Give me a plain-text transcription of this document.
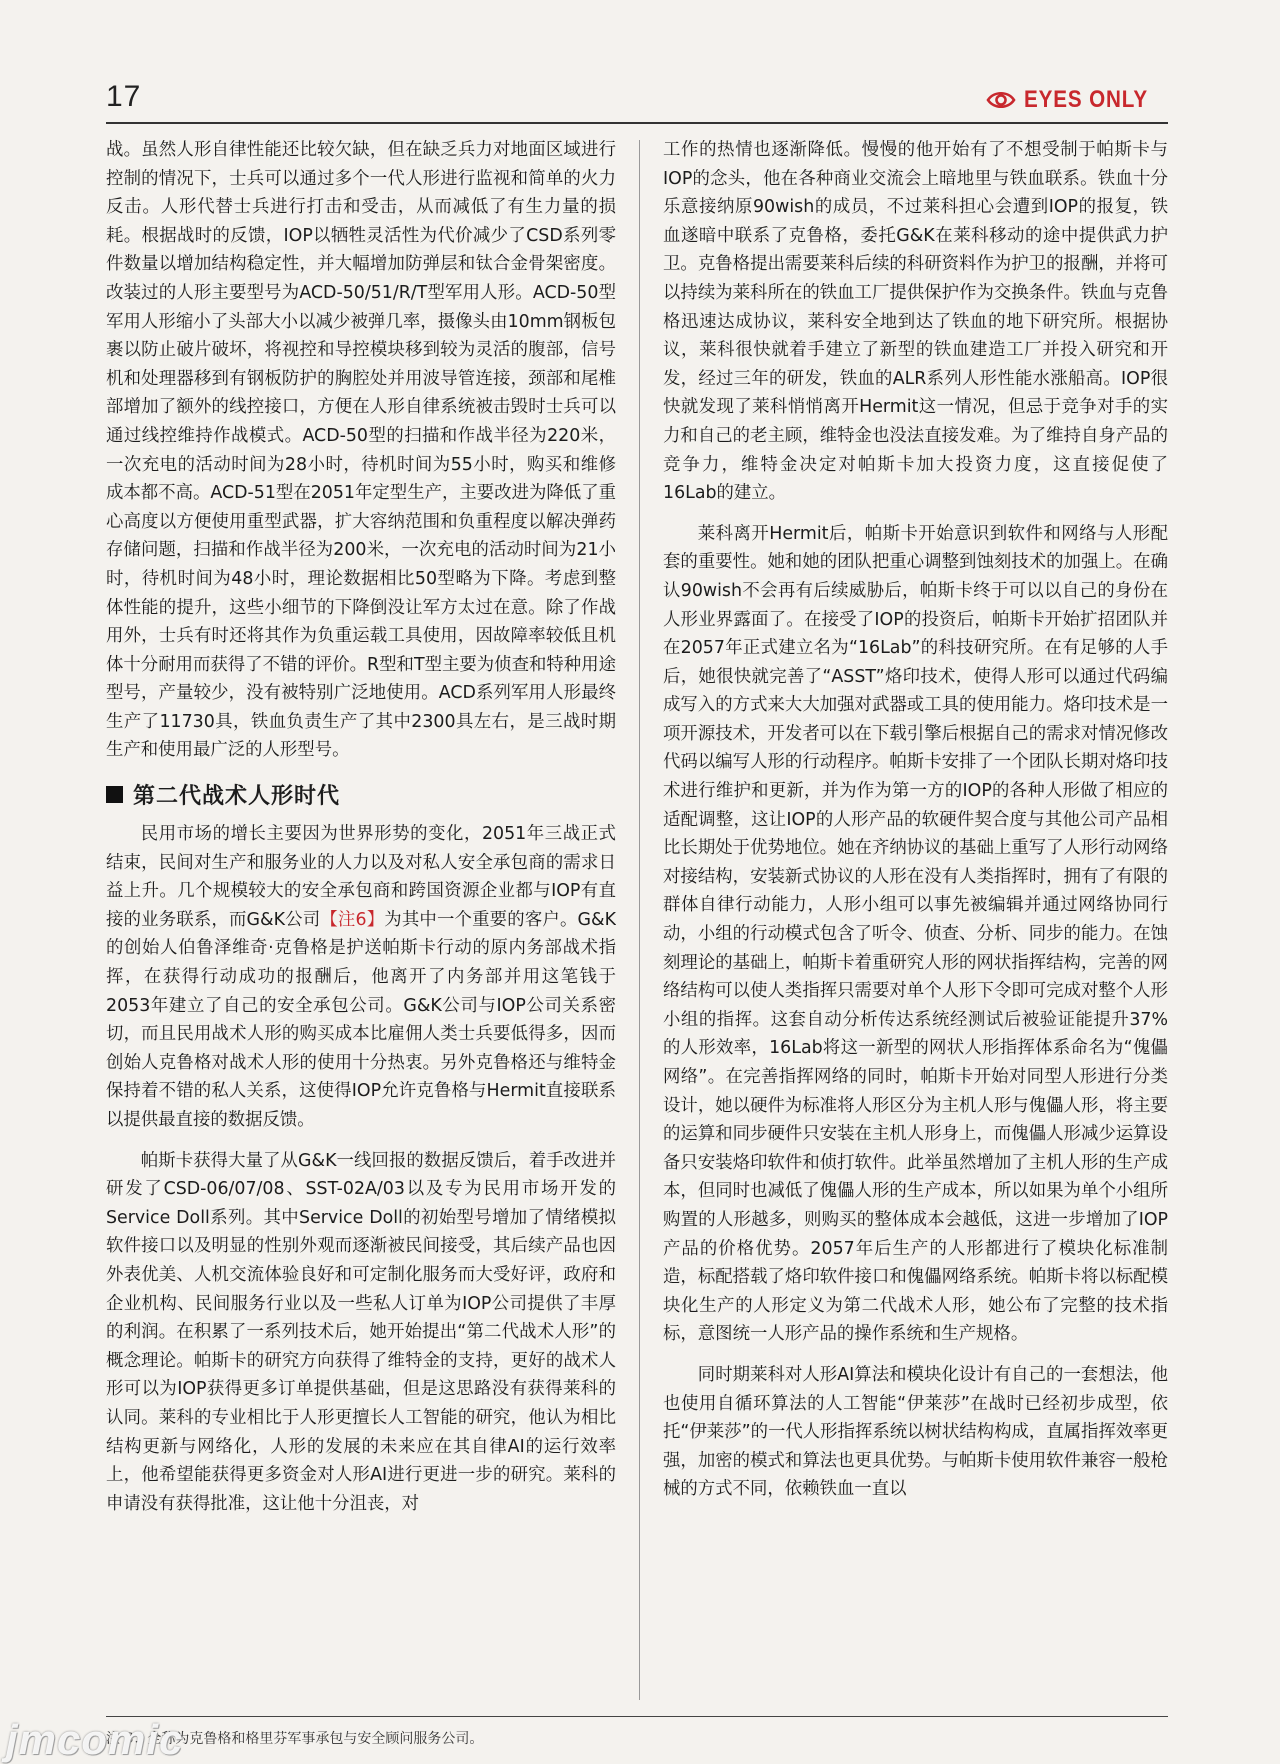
17	EYES ONLY

战。虽然人形自律性能还比较欠缺，但在缺乏兵力对地面区域进行控制的情况下，士兵可以通过多个一代人形进行监视和简单的火力反击。人形代替士兵进行打击和受击，从而减低了有生力量的损耗。根据战时的反馈，IOP以牺牲灵活性为代价减少了CSD系列零件数量以增加结构稳定性，并大幅增加防弹层和钛合金骨架密度。改装过的人形主要型号为ACD-50/51/R/T型军用人形。ACD-50型军用人形缩小了头部大小以减少被弹几率，摄像头由10mm钢板包裹以防止破片破坏，将视控和导控模块移到较为灵活的腹部，信号机和处理器移到有钢板防护的胸腔处并用波导管连接，颈部和尾椎部增加了额外的线控接口，方便在人形自律系统被击毁时士兵可以通过线控维持作战模式。ACD-50型的扫描和作战半径为220米，一次充电的活动时间为28小时，待机时间为55小时，购买和维修成本都不高。ACD-51型在2051年定型生产，主要改进为降低了重心高度以方便使用重型武器，扩大容纳范围和负重程度以解决弹药存储问题，扫描和作战半径为200米，一次充电的活动时间为21小时，待机时间为48小时，理论数据相比50型略为下降。考虑到整体性能的提升，这些小细节的下降倒没让军方太过在意。除了作战用外，士兵有时还将其作为负重运载工具使用，因故障率较低且机体十分耐用而获得了不错的评价。R型和T型主要为侦查和特种用途型号，产量较少，没有被特别广泛地使用。ACD系列军用人形最终生产了11730具，铁血负责生产了其中2300具左右，是三战时期生产和使用最广泛的人形型号。

第二代战术人形时代

民用市场的增长主要因为世界形势的变化，2051年三战正式结束，民间对生产和服务业的人力以及对私人安全承包商的需求日益上升。几个规模较大的安全承包商和跨国资源企业都与IOP有直接的业务联系，而G&K公司【注6】为其中一个重要的客户。G&K的创始人伯鲁泽维奇·克鲁格是护送帕斯卡行动的原内务部战术指挥，在获得行动成功的报酬后，他离开了内务部并用这笔钱于2053年建立了自己的安全承包公司。G&K公司与IOP公司关系密切，而且民用战术人形的购买成本比雇佣人类士兵要低得多，因而创始人克鲁格对战术人形的使用十分热衷。另外克鲁格还与维特金保持着不错的私人关系，这使得IOP允许克鲁格与Hermit直接联系以提供最直接的数据反馈。

帕斯卡获得大量了从G&K一线回报的数据反馈后，着手改进并研发了CSD-06/07/08、SST-02A/03以及专为民用市场开发的Service Doll系列。其中Service Doll的初始型号增加了情绪模拟软件接口以及明显的性别外观而逐渐被民间接受，其后续产品也因外表优美、人机交流体验良好和可定制化服务而大受好评，政府和企业机构、民间服务行业以及一些私人订单为IOP公司提供了丰厚的利润。在积累了一系列技术后，她开始提出“第二代战术人形”的概念理论。帕斯卡的研究方向获得了维特金的支持，更好的战术人形可以为IOP获得更多订单提供基础，但是这思路没有获得莱科的认同。莱科的专业相比于人形更擅长人工智能的研究，他认为相比结构更新与网络化，人形的发展的未来应在其自律AI的运行效率上，他希望能获得更多资金对人形AI进行更进一步的研究。莱科的申请没有获得批准，这让他十分沮丧，对

工作的热情也逐渐降低。慢慢的他开始有了不想受制于帕斯卡与IOP的念头，他在各种商业交流会上暗地里与铁血联系。铁血十分乐意接纳原90wish的成员，不过莱科担心会遭到IOP的报复，铁血遂暗中联系了克鲁格，委托G&K在莱科移动的途中提供武力护卫。克鲁格提出需要莱科后续的科研资料作为护卫的报酬，并将可以持续为莱科所在的铁血工厂提供保护作为交换条件。铁血与克鲁格迅速达成协议，莱科安全地到达了铁血的地下研究所。根据协议，莱科很快就着手建立了新型的铁血建造工厂并投入研究和开发，经过三年的研发，铁血的ALR系列人形性能水涨船高。IOP很快就发现了莱科悄悄离开Hermit这一情况，但忌于竞争对手的实力和自己的老主顾，维特金也没法直接发难。为了维持自身产品的竞争力，维特金决定对帕斯卡加大投资力度，这直接促使了16Lab的建立。

莱科离开Hermit后，帕斯卡开始意识到软件和网络与人形配套的重要性。她和她的团队把重心调整到蚀刻技术的加强上。在确认90wish不会再有后续威胁后，帕斯卡终于可以以自己的身份在人形业界露面了。在接受了IOP的投资后，帕斯卡开始扩招团队并在2057年正式建立名为“16Lab”的科技研究所。在有足够的人手后，她很快就完善了“ASST”烙印技术，使得人形可以通过代码编成写入的方式来大大加强对武器或工具的使用能力。烙印技术是一项开源技术，开发者可以在下载引擎后根据自己的需求对情况修改代码以编写人形的行动程序。帕斯卡安排了一个团队长期对烙印技术进行维护和更新，并为作为第一方的IOP的各种人形做了相应的适配调整，这让IOP的人形产品的软硬件契合度与其他公司产品相比长期处于优势地位。她在齐纳协议的基础上重写了人形行动网络对接结构，安装新式协议的人形在没有人类指挥时，拥有了有限的群体自律行动能力，人形小组可以事先被编辑并通过网络协同行动，小组的行动模式包含了听令、侦查、分析、同步的能力。在蚀刻理论的基础上，帕斯卡着重研究人形的网状指挥结构，完善的网络结构可以使人类指挥只需要对单个人形下令即可完成对整个人形小组的指挥。这套自动分析传达系统经测试后被验证能提升37%的人形效率，16Lab将这一新型的网状人形指挥体系命名为“傀儡网络”。在完善指挥网络的同时，帕斯卡开始对同型人形进行分类设计，她以硬件为标准将人形区分为主机人形与傀儡人形，将主要的运算和同步硬件只安装在主机人形身上，而傀儡人形减少运算设备只安装烙印软件和侦打软件。此举虽然增加了主机人形的生产成本，但同时也减低了傀儡人形的生产成本，所以如果为单个小组所购置的人形越多，则购买的整体成本会越低，这进一步增加了IOP产品的价格优势。2057年后生产的人形都进行了模块化标准制造，标配搭载了烙印软件接口和傀儡网络系统。帕斯卡将以标配模块化生产的人形定义为第二代战术人形，她公布了完整的技术指标，意图统一人形产品的操作系统和生产规格。

同时期莱科对人形AI算法和模块化设计有自己的一套想法，他也使用自循环算法的人工智能“伊莱莎”在战时已经初步成型，依托“伊莱莎”的一代人形指挥系统以树状结构构成，直属指挥效率更强，加密的模式和算法也更具优势。与帕斯卡使用软件兼容一般枪械的方式不同，依赖铁血一直以

注 6：全称为克鲁格和格里芬军事承包与安全顾问服务公司。
jmcomic
